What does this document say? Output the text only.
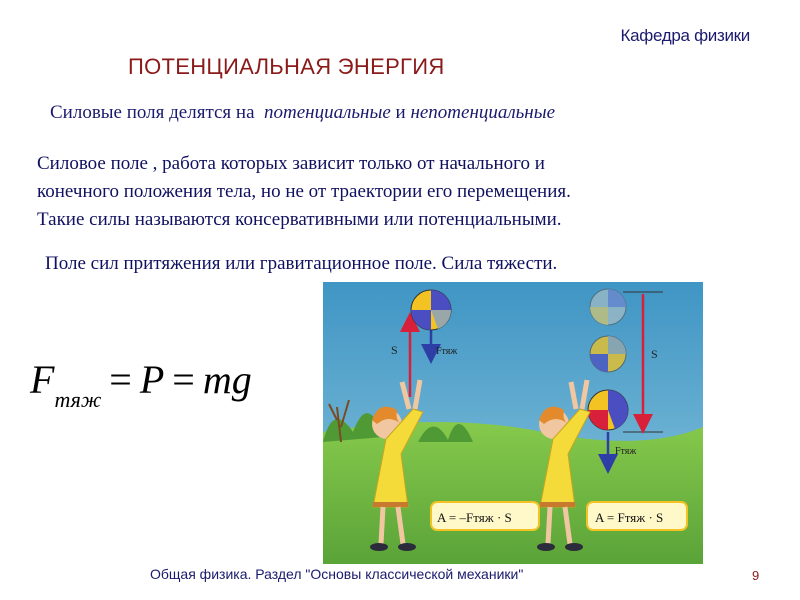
Кафедра физики
ПОТЕНЦИАЛЬНАЯ ЭНЕРГИЯ
Силовые поля делятся на потенциальные и непотенциальные
Силовое поле , работа которых зависит только от начального и
конечного положения тела, но не от траектории его перемещения.
Такие силы называются консервативными или потенциальными.
Поле сил притяжения или гравитационное поле. Сила тяжести.
$F_{тяж} = P$ = mg
S	Fтяж
A = –Fтяж · S
S
Fтяж
A = Fтяж · S
Общая физика. Раздел "Основы классической механики"	9
